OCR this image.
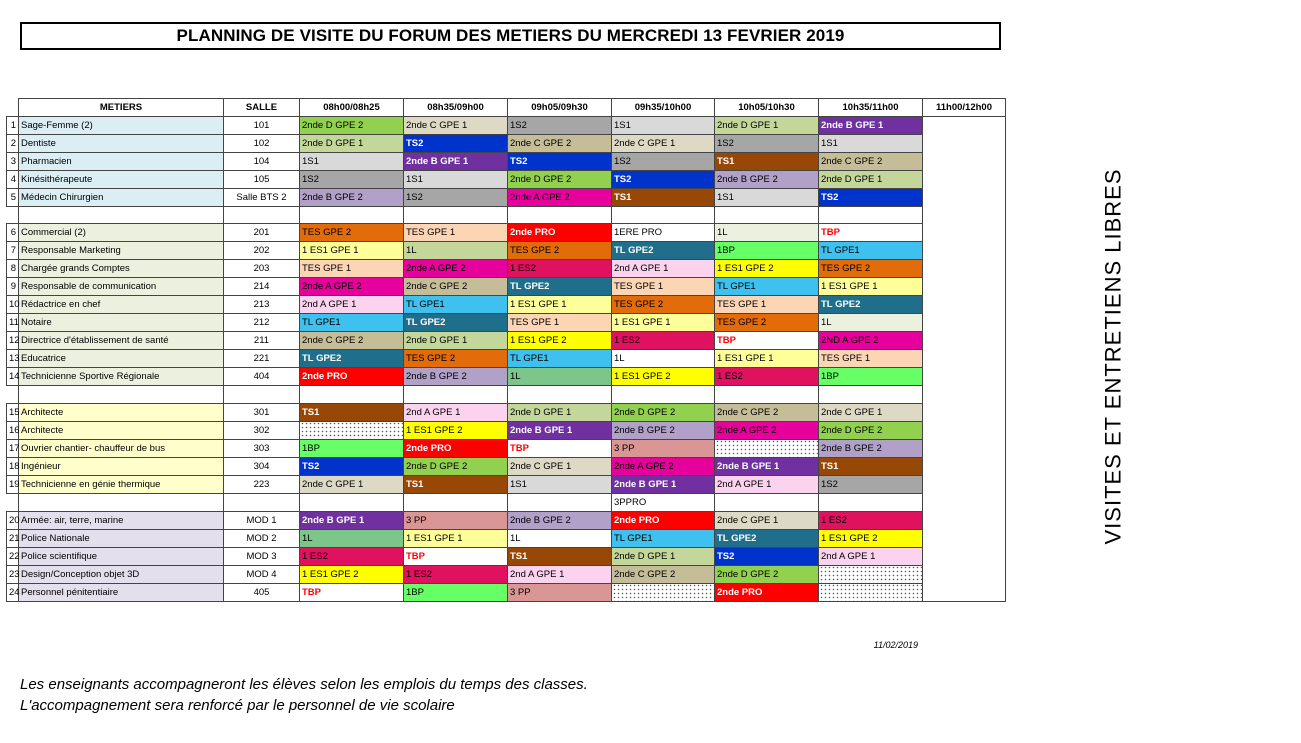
PLANNING DE VISITE DU FORUM DES METIERS DU MERCREDI 13 FEVRIER 2019
	METIERS	SALLE	08h00/08h25	08h35/09h00	09h05/09h30	09h35/10h00	10h05/10h30	10h35/11h00	11h00/12h00
1	Sage-Femme (2)	101	2nde D GPE 2	2nde C GPE 1	1S2	1S1	2nde D GPE 1	2nde B GPE 1	VISITES ET ENTRETIENS LIBRES
2	Dentiste	102	2nde D GPE 1	TS2	2nde C GPE 2	2nde C GPE 1	1S2	1S1	
3	Pharmacien	104	1S1	2nde B GPE 1	TS2	1S2	TS1	2nde C GPE 2	
4	Kinésithérapeute	105	1S2	1S1	2nde D GPE 2	TS2	2nde B GPE 2	2nde D GPE 1	
5	Médecin Chirurgien	Salle BTS 2	2nde B GPE 2	1S2	2nde A GPE 2	TS1	1S1	TS2	

6	Commercial (2)	201	TES GPE 2	TES GPE 1	2nde PRO	1ERE PRO	1L	TBP	
7	Responsable Marketing	202	1 ES1 GPE 1	1L	TES GPE 2	TL GPE2	1BP	TL GPE1	
8	Chargée grands Comptes	203	TES GPE 1	2nde A GPE 2	1 ES2	2nd A GPE 1	1 ES1 GPE 2	TES GPE 2	
9	Responsable de communication	214	2nde A GPE 2	2nde C GPE 2	TL GPE2	TES GPE 1	TL GPE1	1 ES1 GPE 1	
10	Rédactrice en chef	213	2nd A GPE 1	TL GPE1	1 ES1 GPE 1	TES GPE 2	TES GPE 1	TL GPE2	
11	Notaire	212	TL GPE1	TL GPE2	TES GPE 1	1 ES1 GPE 1	TES GPE 2	1L	
12	Directrice d'établissement de santé	211	2nde C GPE 2	2nde D GPE 1	1 ES1 GPE 2	1 ES2	TBP	2ND A GPE 2	
13	Educatrice	221	TL GPE2	TES GPE 2	TL GPE1	1L	1 ES1 GPE 1	TES GPE 1	
14	Technicienne Sportive Régionale	404	2nde PRO	2nde B GPE 2	1L	1 ES1 GPE 2	1 ES2	1BP	

15	Architecte	301	TS1	2nd A GPE 1	2nde D GPE 1	2nde D GPE 2	2nde C GPE 2	2nde C GPE 1	
16	Architecte	302		1 ES1 GPE 2	2nde B GPE 1	2nde B GPE 2	2nde A GPE 2	2nde D GPE 2	
17	Ouvrier chantier- chauffeur de bus	303	1BP	2nde PRO	TBP	3 PP		2nde B GPE 2	
18	Ingénieur	304	TS2	2nde D GPE 2	2nde C GPE 1	2nde A GPE 2	2nde B GPE 1	TS1	
19	Technicienne en génie thermique	223	2nde C GPE 1	TS1	1S1	2nde B GPE 1	2nd A GPE 1	1S2	
						3PPRO			
20	Armée: air, terre, marine	MOD 1	2nde B GPE 1	3 PP	2nde B GPE 2	2nde PRO	2nde C GPE 1	1 ES2	
21	Police Nationale	MOD 2	1L	1 ES1 GPE 1	1L	TL GPE1	TL GPE2	1 ES1 GPE 2	
22	Police scientifique	MOD 3	1 ES2	TBP	TS1	2nde D GPE 1	TS2	2nd A GPE 1	
23	Design/Conception objet 3D	MOD 4	1 ES1 GPE 2	1 ES2	2nd A GPE 1	2nde C GPE 2	2nde D GPE 2		
24	Personnel pénitentiaire	405	TBP	1BP	3 PP		2nde PRO		
11/02/2019
Les enseignants accompagneront les élèves selon les emplois du temps des classes.
L'accompagnement sera renforcé par le personnel de vie scolaire
